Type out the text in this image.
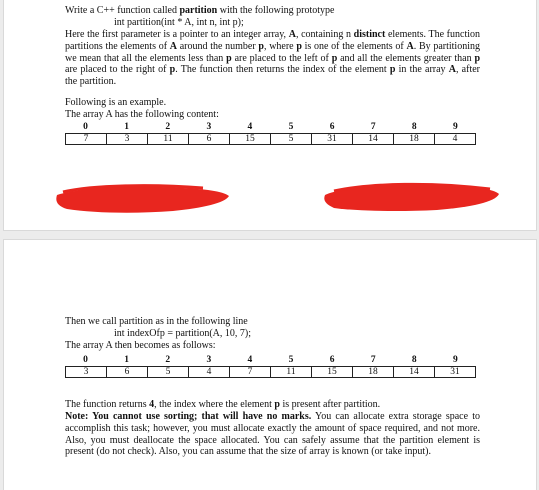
Write a C++ function called partition with the following prototype
int partition(int * A, int n, int p);
Here the first parameter is a pointer to an integer array, A, containing n distinct elements. The function partitions the elements of A around the number p, where p is one of the elements of A. By partitioning we mean that all the elements less than p are placed to the left of p and all the elements greater than p are placed to the right of p. The function then returns the index of the element p in the array A, after the partition.
Following is an example.
The array A has the following content:
0	1	2	3	4	5	6	7	8	9
7	3	11	6	15	5	31	14	18	4
Then we call partition as in the following line
int indexOfp = partition(A, 10, 7);
The array A then becomes as follows:
0	1	2	3	4	5	6	7	8	9
3	6	5	4	7	11	15	18	14	31
The function returns 4, the index where the element p is present after partition.
Note: You cannot use sorting; that will have no marks. You can allocate extra storage space to accomplish this task; however, you must allocate exactly the amount of space required, and not more. Also, you must deallocate the space allocated. You can safely assume that the partition element is present (do not check). Also, you can assume that the size of array is known (or take input).
